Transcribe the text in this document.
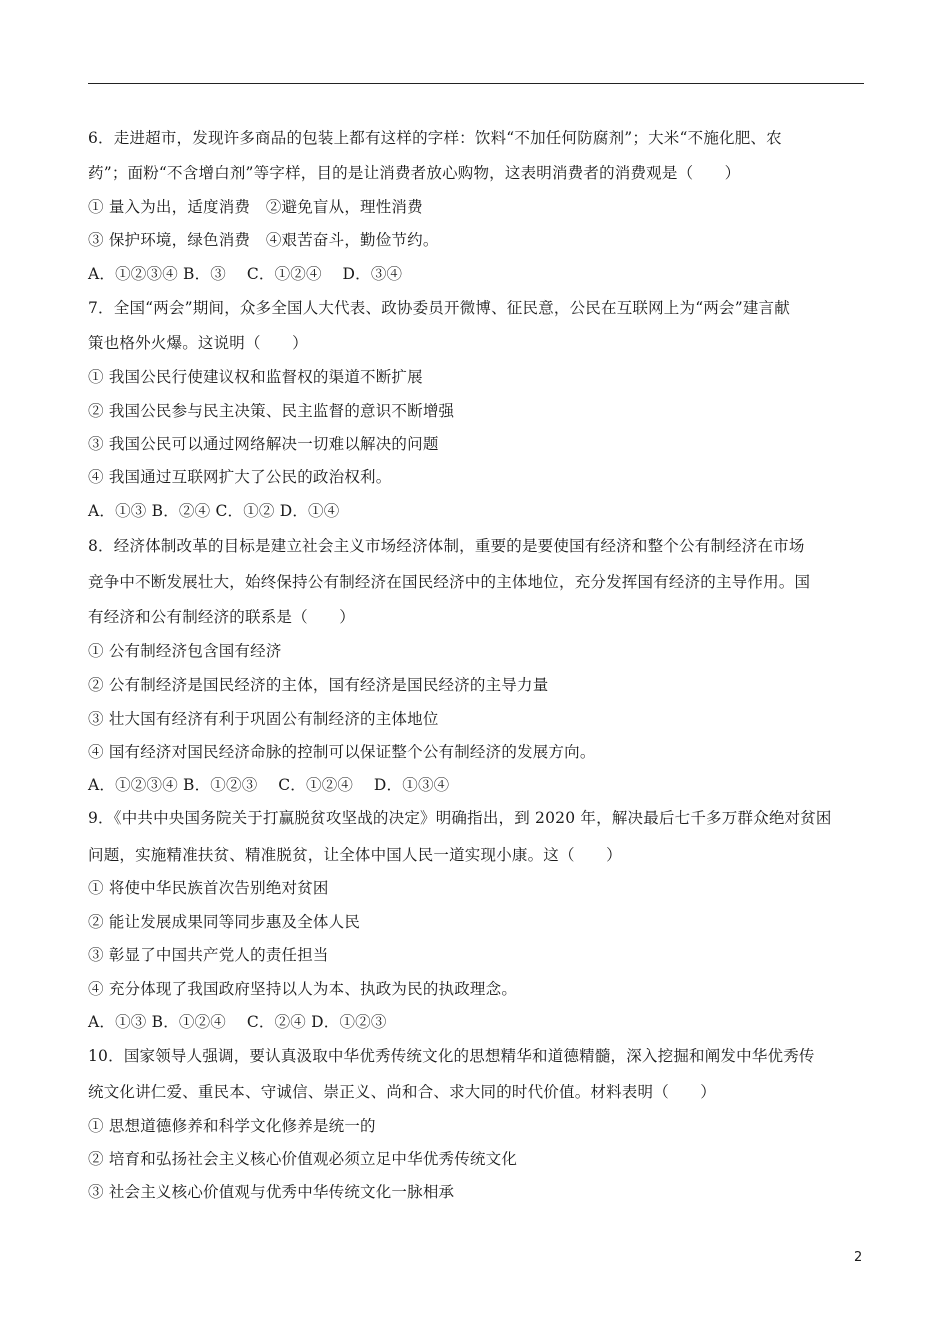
6．走进超市，发现许多商品的包装上都有这样的字样：饮料“不加任何防腐剂”；大米“不施化肥、农
药”；面粉“不含增白剂”等字样，目的是让消费者放心购物，这表明消费者的消费观是（　　）
① 量入为出，适度消费　②避免盲从，理性消费
③ 保护环境，绿色消费　④艰苦奋斗，勤俭节约。
A．①②③④ B．③　 C．①②④　 D．③④
7．全国“两会”期间，众多全国人大代表、政协委员开微博、征民意，公民在互联网上为“两会”建言献
策也格外火爆。这说明（　　）
① 我国公民行使建议权和监督权的渠道不断扩展
② 我国公民参与民主决策、民主监督的意识不断增强
③ 我国公民可以通过网络解决一切难以解决的问题
④ 我国通过互联网扩大了公民的政治权利。
A．①③ B．②④ C．①② D．①④
8．经济体制改革的目标是建立社会主义市场经济体制，重要的是要使国有经济和整个公有制经济在市场
竞争中不断发展壮大，始终保持公有制经济在国民经济中的主体地位，充分发挥国有经济的主导作用。国
有经济和公有制经济的联系是（　　）
① 公有制经济包含国有经济
② 公有制经济是国民经济的主体，国有经济是国民经济的主导力量
③ 壮大国有经济有利于巩固公有制经济的主体地位
④ 国有经济对国民经济命脉的控制可以保证整个公有制经济的发展方向。
A．①②③④ B．①②③　 C．①②④　 D．①③④
9．《中共中央国务院关于打赢脱贫攻坚战的决定》明确指出，到 2020 年，解决最后七千多万群众绝对贫困
问题，实施精准扶贫、精准脱贫，让全体中国人民一道实现小康。这（　　）
① 将使中华民族首次告别绝对贫困
② 能让发展成果同等同步惠及全体人民
③ 彰显了中国共产党人的责任担当
④ 充分体现了我国政府坚持以人为本、执政为民的执政理念。
A．①③ B．①②④　 C．②④ D．①②③
10．国家领导人强调，要认真汲取中华优秀传统文化的思想精华和道德精髓，深入挖掘和阐发中华优秀传
统文化讲仁爱、重民本、守诚信、崇正义、尚和合、求大同的时代价值。材料表明（　　）
① 思想道德修养和科学文化修养是统一的
② 培育和弘扬社会主义核心价值观必须立足中华优秀传统文化
③ 社会主义核心价值观与优秀中华传统文化一脉相承
2
